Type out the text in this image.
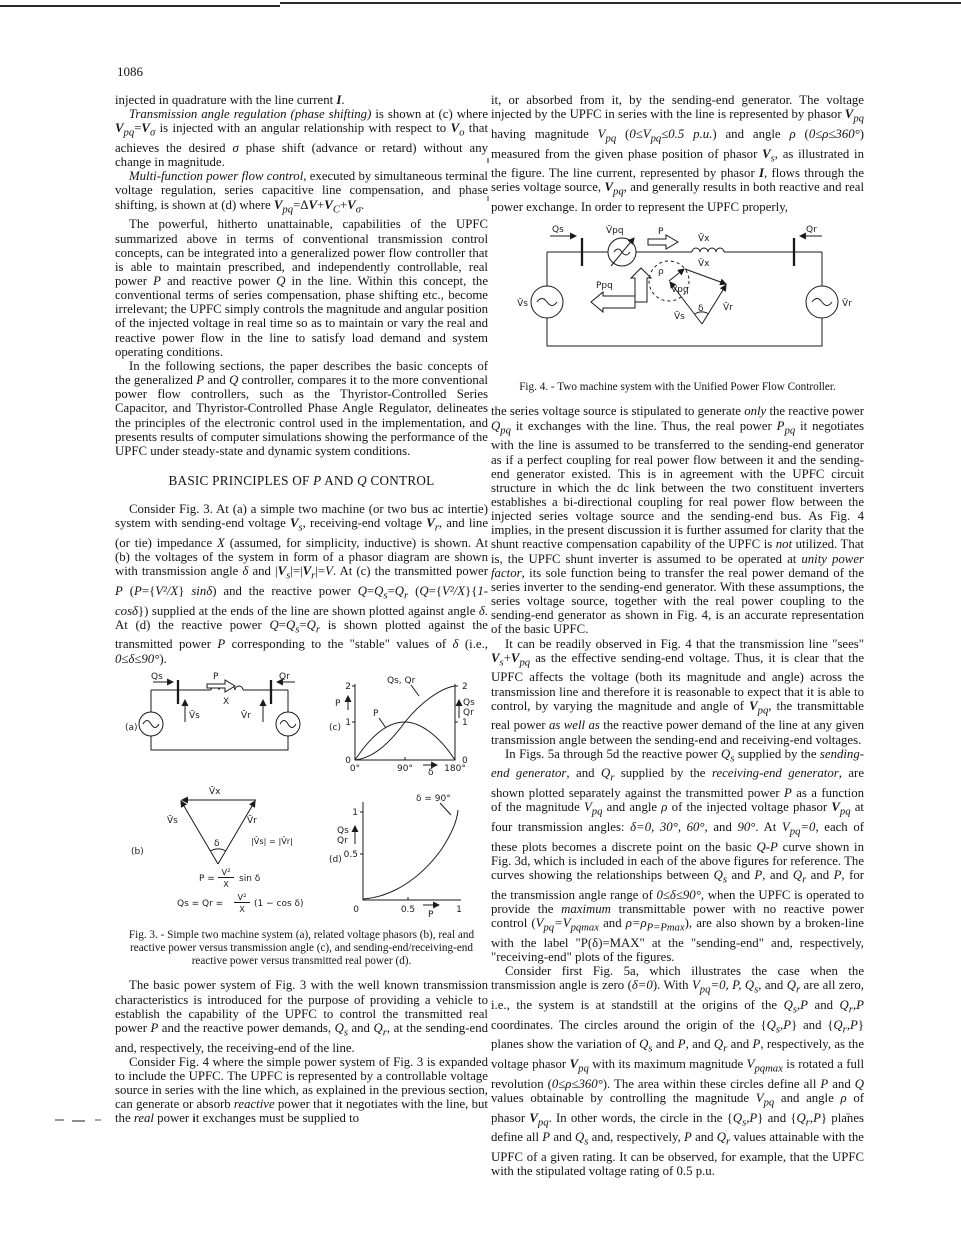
1086

injected in quadrature with the line current I.

Transmission angle regulation (phase shifting) is shown at (c) where $V_{pq}=V_\sigma$ is injected with an angular relationship with respect to $V_o$ that achieves the desired σ phase shift (advance or retard) without any change in magnitude.

Multi-function power flow control, executed by simultaneous terminal voltage regulation, series capacitive line compensation, and phase shifting, is shown at (d) where $V_{pq}=\Delta V+V_C+V_\sigma$.

The powerful, hitherto unattainable, capabilities of the UPFC summarized above in terms of conventional transmission control concepts, can be integrated into a generalized power flow controller that is able to maintain prescribed, and independently controllable, real power P and reactive power Q in the line. Within this concept, the conventional terms of series compensation, phase shifting etc., become irrelevant; the UPFC simply controls the magnitude and angular position of the injected voltage in real time so as to maintain or vary the real and reactive power flow in the line to satisfy load demand and system operating conditions.

In the following sections, the paper describes the basic concepts of the generalized P and Q controller, compares it to the more conventional power flow controllers, such as the Thyristor-Controlled Series Capacitor, and Thyristor-Controlled Phase Angle Regulator, delineates the principles of the electronic control used in the implementation, and presents results of computer simulations showing the performance of the UPFC under steady-state and dynamic system conditions.

BASIC PRINCIPLES OF P AND Q CONTROL

Consider Fig. 3. At (a) a simple two machine (or two bus ac intertie) system with sending-end voltage $V_s$, receiving-end voltage $V_r$, and line (or tie) impedance X (assumed, for simplicity, inductive) is shown. At (b) the voltages of the system in form of a phasor diagram are shown with transmission angle δ and $|V_s|=|V_r|=V$. At (c) the transmitted power P (P={V²/X} sinδ) and the reactive power $Q=Q_s=Q_r$ (Q={V²/X}{1-cosδ}) supplied at the ends of the line are shown plotted against angle δ. At (d) the reactive power $Q=Q_s=Q_r$ is shown plotted against the transmitted power P corresponding to the "stable" values of δ (i.e., 0≤δ≤90°).

Qs	P	Qr
X
V̄s	V̄r
(a)
2
1
0
P
2
1
0
Qs
Qr
0°	90°	180°
δ
P
Qs, Qr
(c)
V̄x
V̄s	V̄r
δ	|V̄s| = |V̄r|
(b)
P =
V²
X sin δ
Qs = Qr =
V²
X (1 − cos δ)
1
0.5
0
Qs
Qr
0.5	1
P
δ = 90°
(d)
Fig. 3. - Simple two machine system (a), related voltage phasors (b), real and reactive power versus transmission angle (c), and sending-end/receiving-end reactive power versus transmitted real power (d).

The basic power system of Fig. 3 with the well known transmission characteristics is introduced for the purpose of providing a vehicle to establish the capability of the UPFC to control the transmitted real power P and the reactive power demands, $Q_s$ and $Q_r$, at the sending-end and, respectively, the receiving-end of the line.

Consider Fig. 4 where the simple power system of Fig. 3 is expanded to include the UPFC. The UPFC is represented by a controllable voltage source in series with the line which, as explained in the previous section, can generate or absorb reactive power that it negotiates with the line, but the real power it exchanges must be supplied to

it, or absorbed from it, by the sending-end generator. The voltage injected by the UPFC in series with the line is represented by phasor $V_{pq}$ having magnitude $V_{pq}$ ($0\le V_{pq}\le 0.5$ p.u.) and angle ρ (0≤ρ≤360°) measured from the given phase position of phasor $V_s$, as illustrated in the figure. The line current, represented by phasor I, flows through the series voltage source, $V_{pq}$, and generally results in both reactive and real power exchange. In order to represent the UPFC properly,

Qs	Qr
V̄pq	P
V̄x
Ppq
V̄s	V̄r
ρ
V̄pq
V̄x
V̄s
V̄r
δ
Fig. 4. - Two machine system with the Unified Power Flow Controller.

the series voltage source is stipulated to generate only the reactive power $Q_{pq}$ it exchanges with the line. Thus, the real power $P_{pq}$ it negotiates with the line is assumed to be transferred to the sending-end generator as if a perfect coupling for real power flow between it and the sending-end generator existed. This is in agreement with the UPFC circuit structure in which the dc link between the two constituent inverters establishes a bi-directional coupling for real power flow between the injected series voltage source and the sending-end bus. As Fig. 4 implies, in the present discussion it is further assumed for clarity that the shunt reactive compensation capability of the UPFC is not utilized. That is, the UPFC shunt inverter is assumed to be operated at unity power factor, its sole function being to transfer the real power demand of the series inverter to the sending-end generator. With these assumptions, the series voltage source, together with the real power coupling to the sending-end generator as shown in Fig. 4, is an accurate representation of the basic UPFC.

It can be readily observed in Fig. 4 that the transmission line "sees" $V_s+V_{pq}$ as the effective sending-end voltage. Thus, it is clear that the UPFC affects the voltage (both its magnitude and angle) across the transmission line and therefore it is reasonable to expect that it is able to control, by varying the magnitude and angle of $V_{pq}$, the transmittable real power as well as the reactive power demand of the line at any given transmission angle between the sending-end and receiving-end voltages.

In Figs. 5a through 5d the reactive power $Q_s$ supplied by the sending-end generator, and $Q_r$ supplied by the receiving-end generator, are shown plotted separately against the transmitted power P as a function of the magnitude $V_{pq}$ and angle ρ of the injected voltage phasor $V_{pq}$ at four transmission angles: δ=0, 30°, 60°, and 90°. At $V_{pq}=0$, each of these plots becomes a discrete point on the basic Q-P curve shown in Fig. 3d, which is included in each of the above figures for reference. The curves showing the relationships between $Q_s$ and P, and $Q_r$ and P, for the transmission angle range of 0≤δ≤90°, when the UPFC is operated to provide the maximum transmittable power with no reactive power control ($V_{pq}=V_{pqmax}$ and $\rho=\rho_{P=Pmax}$), are also shown by a broken-line with the label "P(δ)=MAX" at the "sending-end" and, respectively, "receiving-end" plots of the figures.

Consider first Fig. 5a, which illustrates the case when the transmission angle is zero (δ=0). With $V_{pq}=0$, P, $Q_s$, and $Q_r$ are all zero, i.e., the system is at standstill at the origins of the $Q_s,P$ and $Q_r,P$ coordinates. The circles around the origin of the $\{Q_s,P\}$ and $\{Q_r,P\}$ planes show the variation of $Q_s$ and P, and $Q_r$ and P, respectively, as the voltage phasor $V_{pq}$ with its maximum magnitude $V_{pqmax}$ is rotated a full revolution (0≤ρ≤360°). The area within these circles define all P and Q values obtainable by controlling the magnitude $V_{pq}$ and angle ρ of phasor $V_{pq}$. In other words, the circle in the $\{Q_s,P\}$ and $\{Q_r,P\}$ planes define all P and $Q_s$ and, respectively, P and $Q_r$ values attainable with the UPFC of a given rating. It can be observed, for example, that the UPFC with the stipulated voltage rating of 0.5 p.u.
